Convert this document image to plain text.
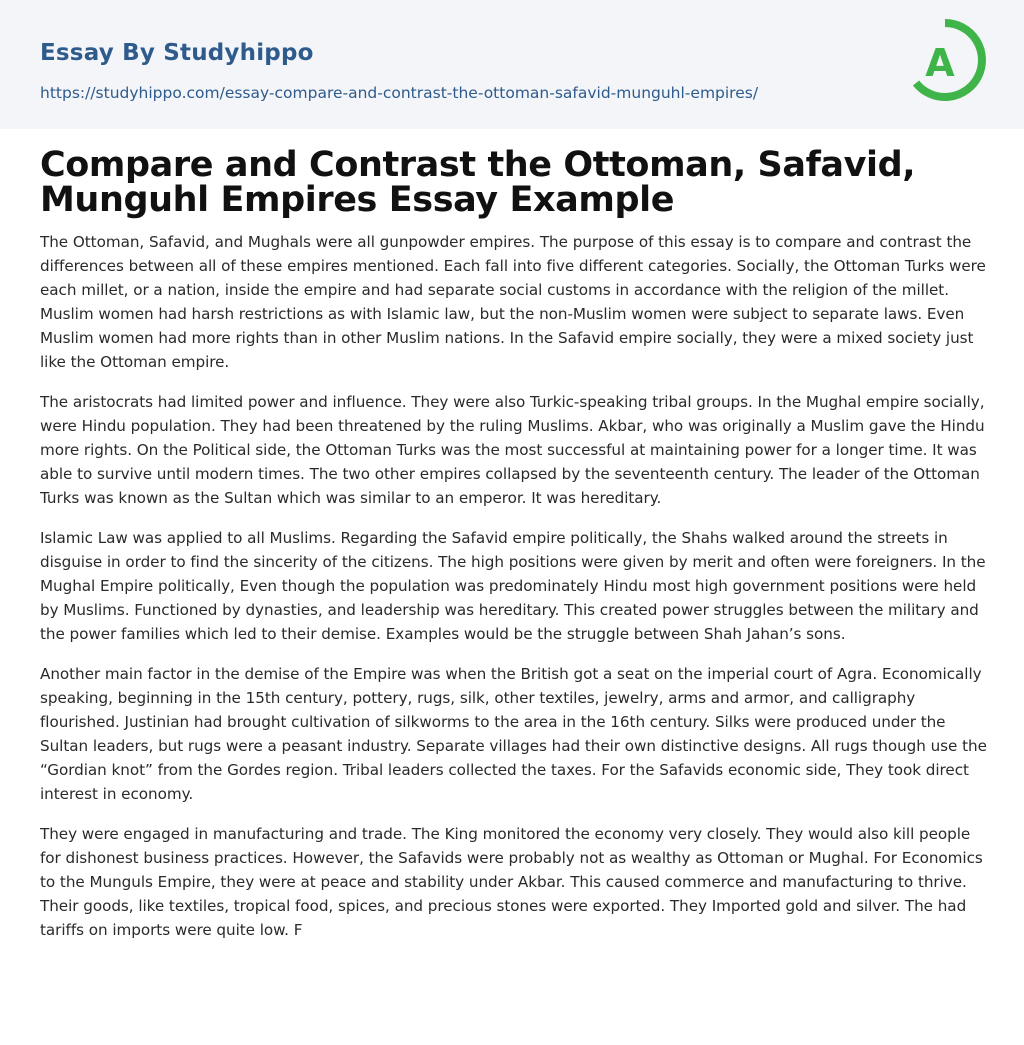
Essay By Studyhippo
https://studyhippo.com/essay-compare-and-contrast-the-ottoman-safavid-munguhl-empires/
A
Compare and Contrast the Ottoman, Safavid, Munguhl Empires Essay Example

The Ottoman, Safavid, and Mughals were all gunpowder empires. The purpose of this essay is to compare and contrast the differences between all of these empires mentioned. Each fall into five different categories. Socially, the Ottoman Turks were each millet, or a nation, inside the empire and had separate social customs in accordance with the religion of the millet. Muslim women had harsh restrictions as with Islamic law, but the non-Muslim women were subject to separate laws. Even Muslim women had more rights than in other Muslim nations. In the Safavid empire socially, they were a mixed society just like the Ottoman empire.

The aristocrats had limited power and influence. They were also Turkic-speaking tribal groups. In the Mughal empire socially, were Hindu population. They had been threatened by the ruling Muslims. Akbar, who was originally a Muslim gave the Hindu more rights. On the Political side, the Ottoman Turks was the most successful at maintaining power for a longer time. It was able to survive until modern times. The two other empires collapsed by the seventeenth century. The leader of the Ottoman Turks was known as the Sultan which was similar to an emperor. It was hereditary.

Islamic Law was applied to all Muslims. Regarding the Safavid empire politically, the Shahs walked around the streets in disguise in order to find the sincerity of the citizens. The high positions were given by merit and often were foreigners. In the Mughal Empire politically, Even though the population was predominately Hindu most high government positions were held by Muslims. Functioned by dynasties, and leadership was hereditary. This created power struggles between the military and the power families which led to their demise. Examples would be the struggle between Shah Jahan’s sons.

Another main factor in the demise of the Empire was when the British got a seat on the imperial court of Agra. Economically speaking, beginning in the 15th century, pottery, rugs, silk, other textiles, jewelry, arms and armor, and calligraphy flourished. Justinian had brought cultivation of silkworms to the area in the 16th century. Silks were produced under the Sultan leaders, but rugs were a peasant industry. Separate villages had their own distinctive designs. All rugs though use the “Gordian knot” from the Gordes region. Tribal leaders collected the taxes. For the Safavids economic side, They took direct interest in economy.

They were engaged in manufacturing and trade. The King monitored the economy very closely. They would also kill people for dishonest business practices. However, the Safavids were probably not as wealthy as Ottoman or Mughal. For Economics to the Munguls Empire, they were at peace and stability under Akbar. This caused commerce and manufacturing to thrive. Their goods, like textiles, tropical food, spices, and precious stones were exported. They Imported gold and silver. The had tariffs on imports were quite low. F
